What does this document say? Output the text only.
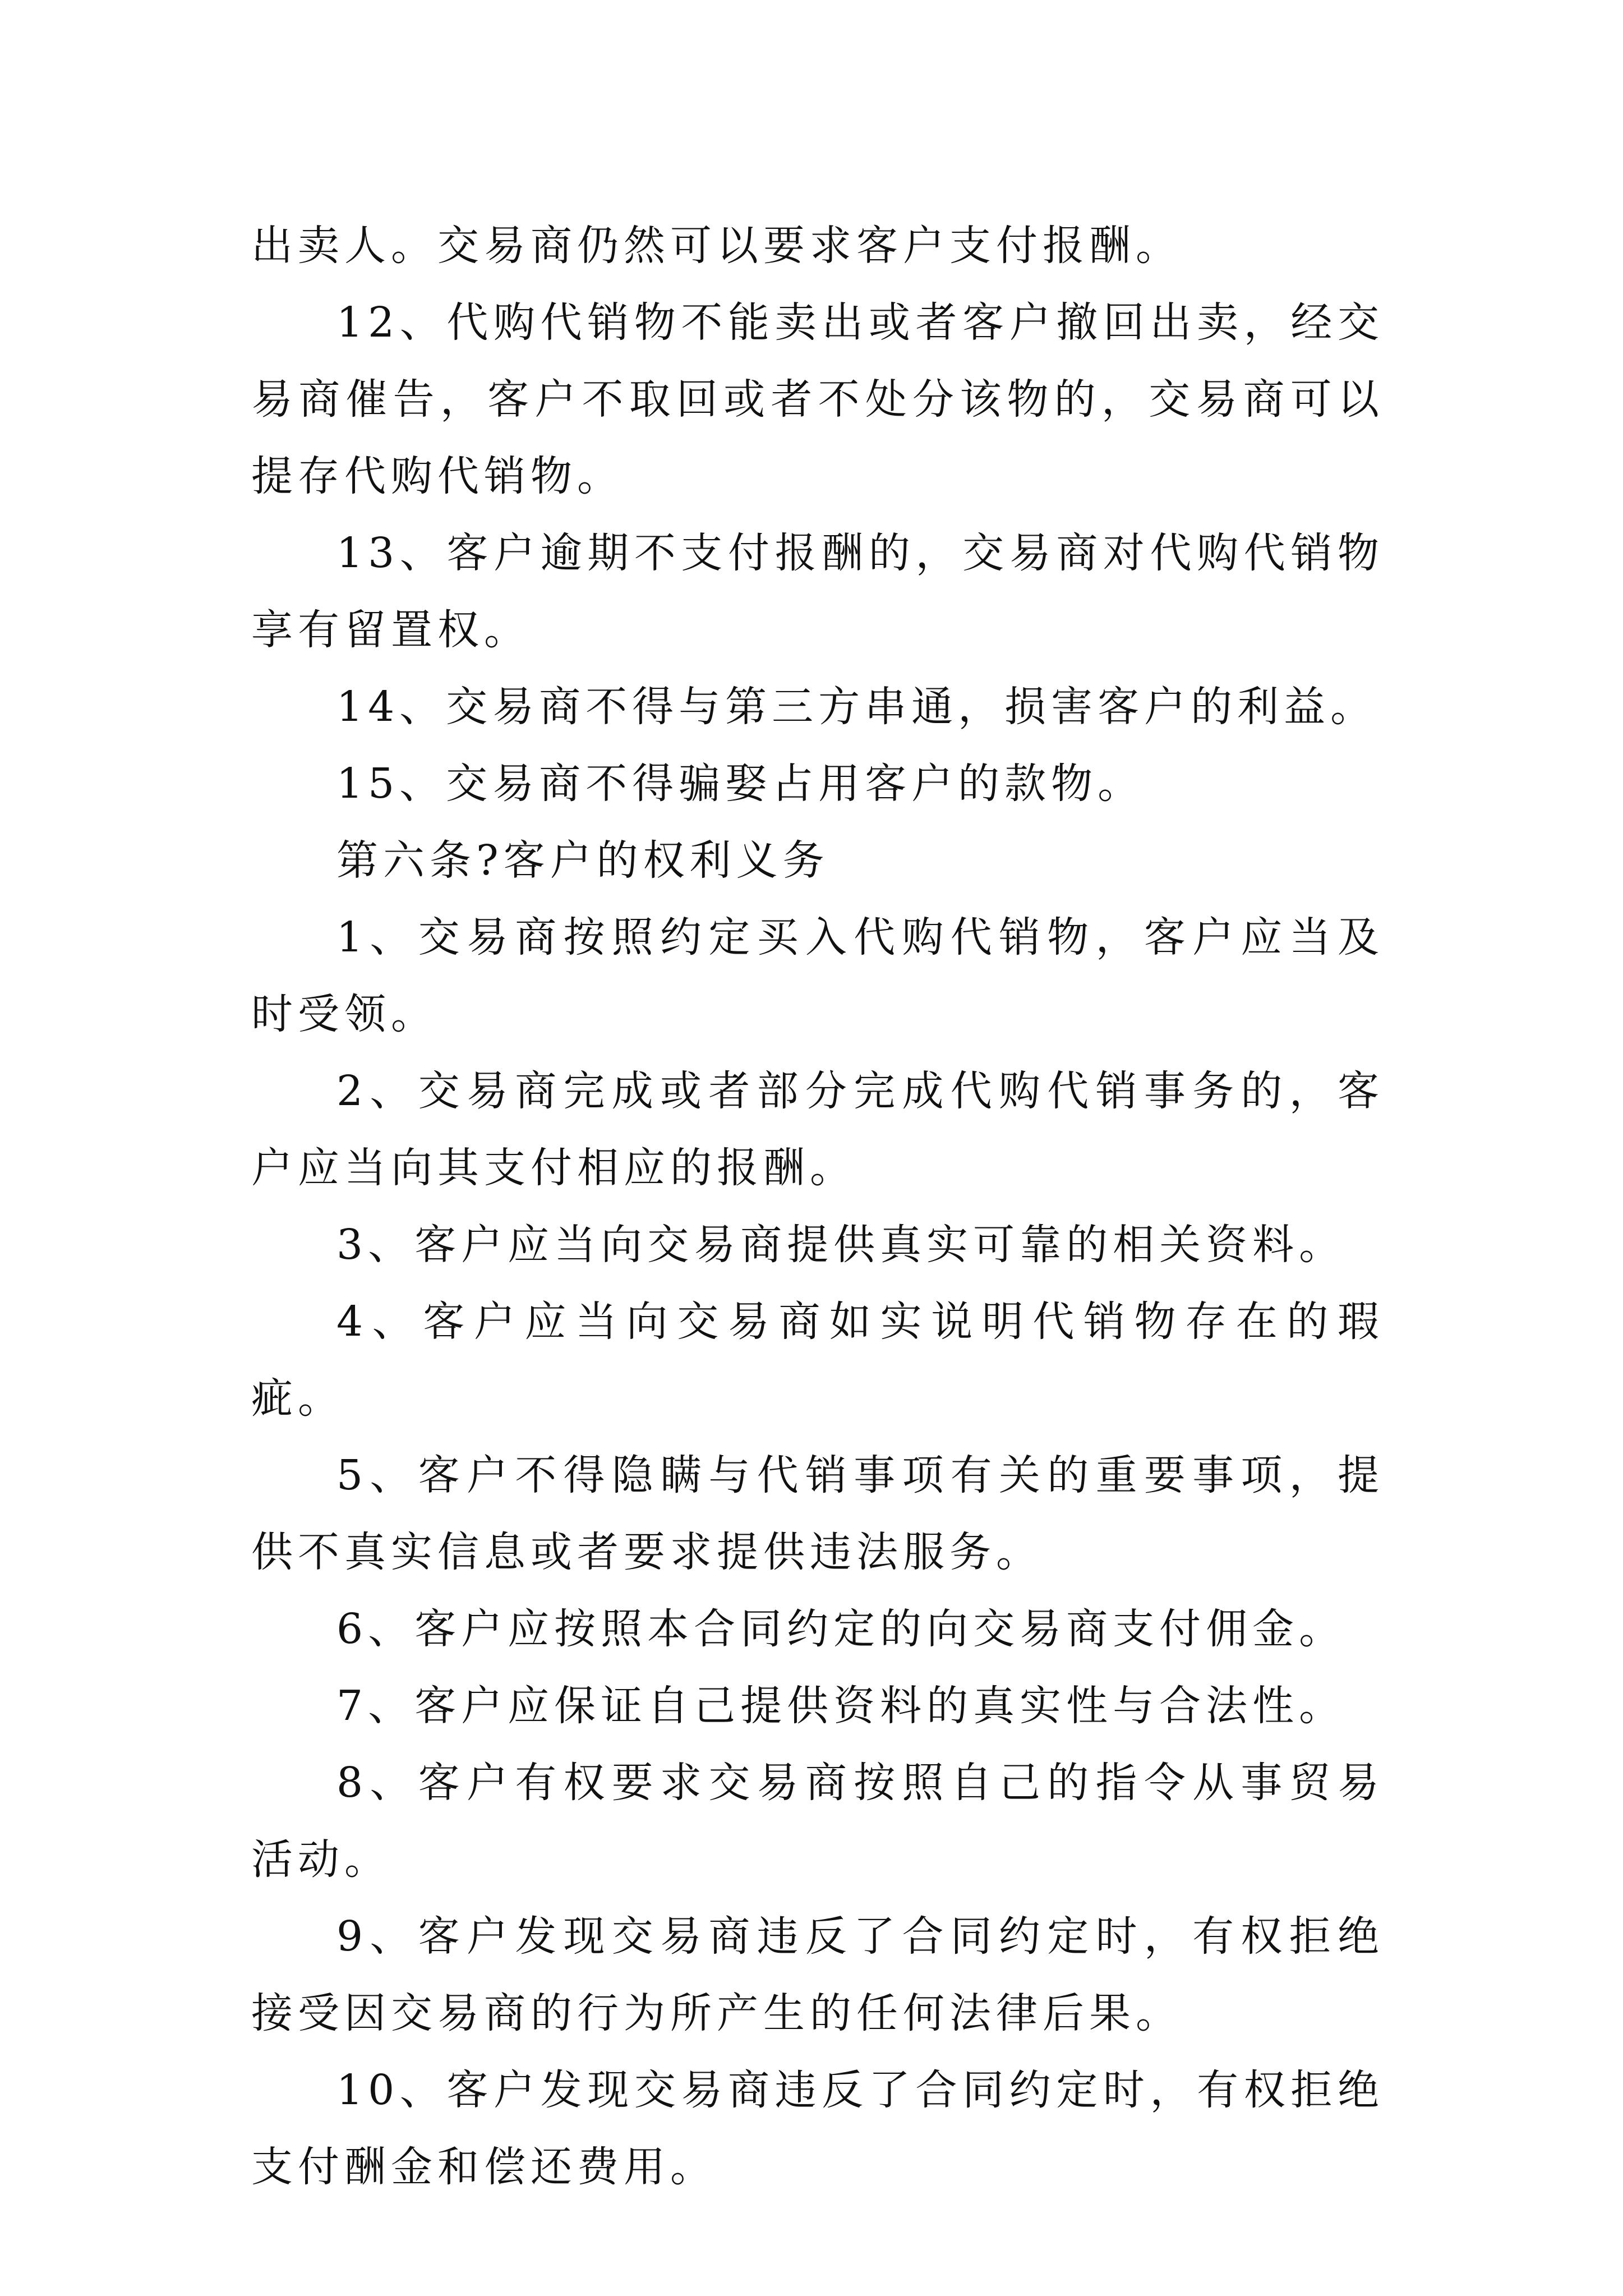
出卖人。交易商仍然可以要求客户支付报酬。

12、代购代销物不能卖出或者客户撤回出卖，经交易商催告，客户不取回或者不处分该物的，交易商可以提存代购代销物。

13、客户逾期不支付报酬的，交易商对代购代销物享有留置权。

14、交易商不得与第三方串通，损害客户的利益。

15、交易商不得骗娶占用客户的款物。

第六条?客户的权利义务

1、交易商按照约定买入代购代销物，客户应当及时受领。

2、交易商完成或者部分完成代购代销事务的，客户应当向其支付相应的报酬。

3、客户应当向交易商提供真实可靠的相关资料。

4、客户应当向交易商如实说明代销物存在的瑕疵。

5、客户不得隐瞒与代销事项有关的重要事项，提供不真实信息或者要求提供违法服务。

6、客户应按照本合同约定的向交易商支付佣金。

7、客户应保证自己提供资料的真实性与合法性。

8、客户有权要求交易商按照自己的指令从事贸易活动。

9、客户发现交易商违反了合同约定时，有权拒绝接受因交易商的行为所产生的任何法律后果。

10、客户发现交易商违反了合同约定时，有权拒绝支付酬金和偿还费用。
